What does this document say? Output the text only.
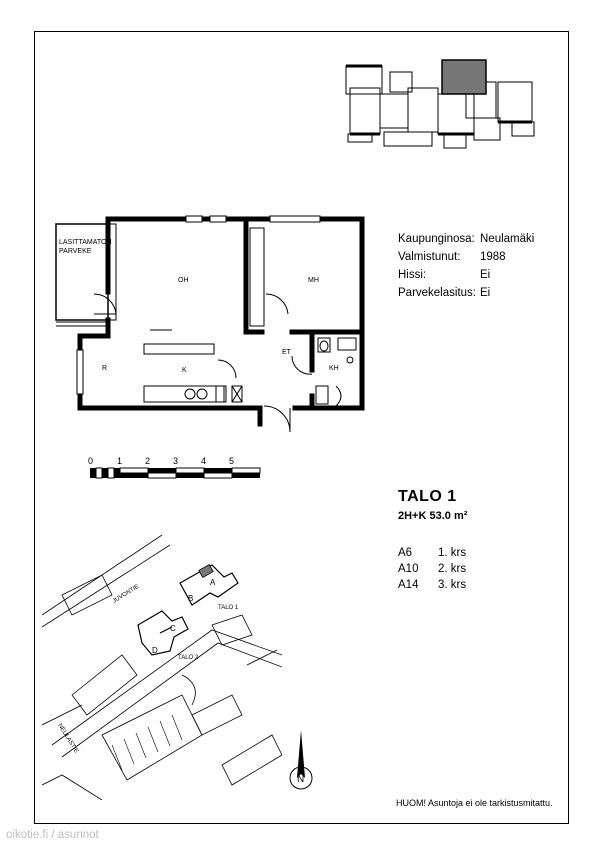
LASITTAMATON
PARVEKE
OH	MH
R	K
ET
KH
0	1	2	3	4	5
A
B
C
D
TALO 1
TALO 2
JUVONTIE
NEULASTIE
N
Kaupunginosa: Neulamäki
Valmistunut:	1988
Hissi:	Ei
Parvekelasitus: Ei
TALO 1
2H+K 53.0 m²
A6	1. krs
A10	2. krs
A14	3. krs
HUOM! Asuntoja ei ole tarkistusmitattu.
oikotie.fi / asunnot
